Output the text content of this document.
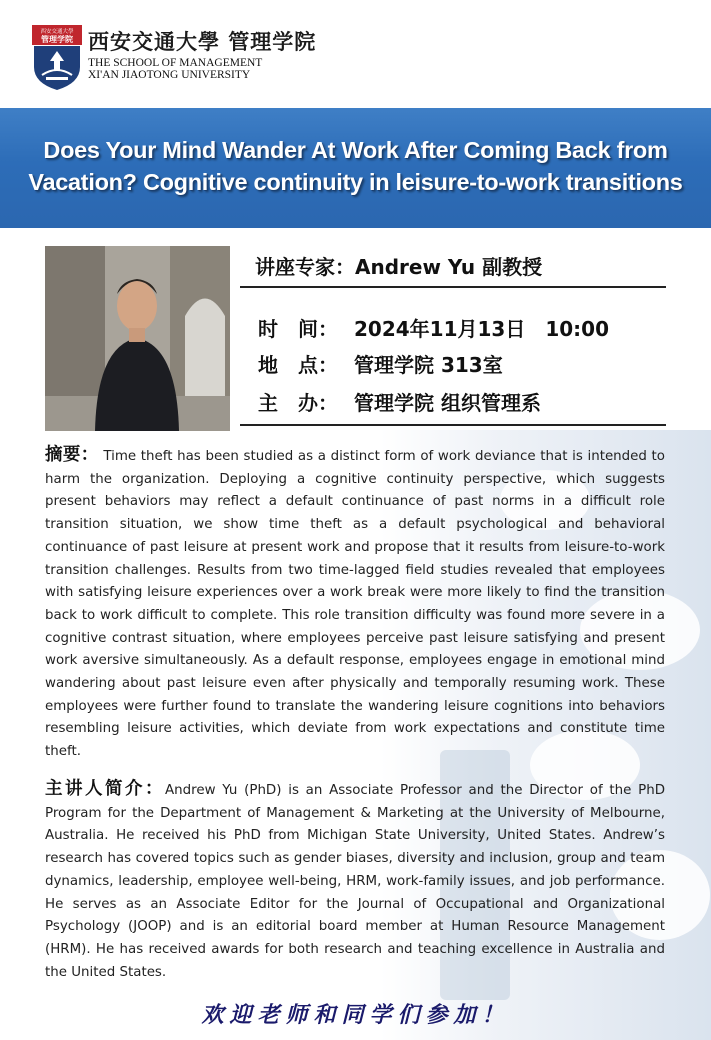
西安交通大學
管理学院 西安交通大學 管理学院
THE SCHOOL OF MANAGEMENT
XI'AN JIAOTONG UNIVERSITY
Does Your Mind Wander At Work After Coming Back from
Vacation? Cognitive continuity in leisure-to-work transitions
讲座专家：Andrew Yu 副教授
时　间： 2024年11月13日　10:00
地　点： 管理学院 313室
主　办： 管理学院 组织管理系
摘要： Time theft has been studied as a distinct form of work deviance that is intended to harm the organization. Deploying a cognitive continuity perspective, which suggests present behaviors may reflect a default continuance of past norms in a difficult role transition situation, we show time theft as a default psychological and behavioral continuance of past leisure at present work and propose that it results from leisure-to-work transition challenges. Results from two time-lagged field studies revealed that employees with satisfying leisure experiences over a work break were more likely to find the transition back to work difficult to complete. This role transition difficulty was found more severe in a cognitive contrast situation, where employees perceive past leisure satisfying and present work aversive simultaneously. As a default response, employees engage in emotional mind wandering about past leisure even after physically and temporally resuming work. These employees were further found to translate the wandering leisure cognitions into behaviors resembling leisure activities, which deviate from work expectations and constitute time theft.
主讲人简介：Andrew Yu (PhD) is an Associate Professor and the Director of the PhD Program for the Department of Management & Marketing at the University of Melbourne, Australia. He received his PhD from Michigan State University, United States. Andrew’s research has covered topics such as gender biases, diversity and inclusion, group and team dynamics, leadership, employee well-being, HRM, work-family issues, and job performance. He serves as an Associate Editor for the Journal of Occupational and Organizational Psychology (JOOP) and is an editorial board member at Human Resource Management (HRM). He has received awards for both research and teaching excellence in Australia and the United States.
欢迎老师和同学们参加！
